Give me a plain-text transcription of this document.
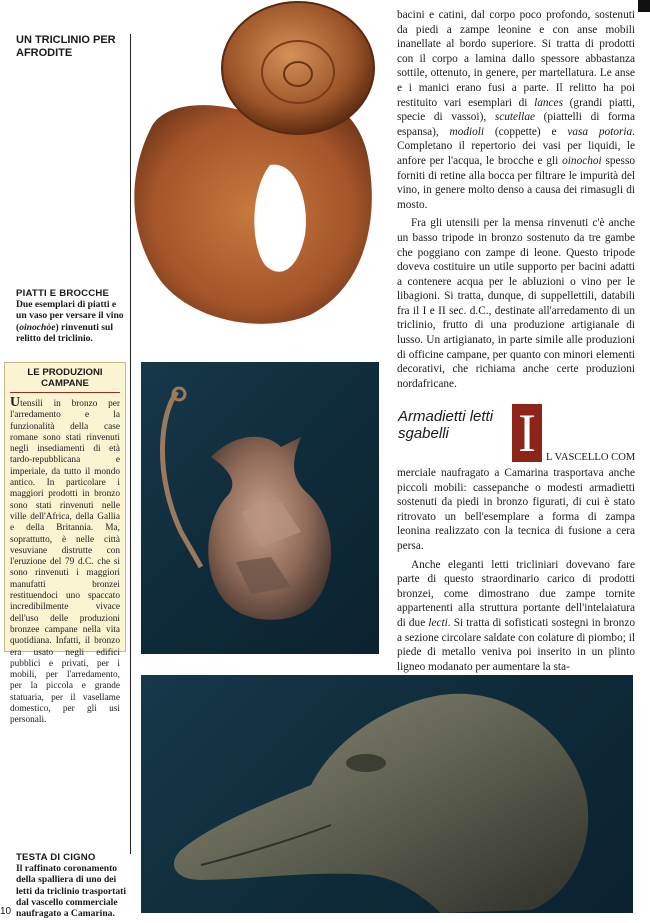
UN TRICLINIO PER AFRODITE
PIATTI E BROCCHE
Due esemplari di piatti e un vaso per versare il vino (oinochòe) rinvenuti sul relitto del triclinio.
LE PRODUZIONI CAMPANE
Utensili in bronzo per l'arredamento e la funzionalità della case romane sono stati rinvenuti negli insediamenti di età tardo-repubblicana e imperiale, da tutto il mondo antico. In particolare i maggiori prodotti in bronzo sono stati rinvenuti nelle ville dell'Africa, della Gallia e della Britannia. Ma, soprattutto, è nelle città vesuviane distrutte con l'eruzione del 79 d.C. che si sono rinvenuti i maggiori manufatti bronzei restituendoci uno spaccato incredibilmente vivace dell'uso delle produzioni bronzee campane nella vita quotidiana. Infatti, il bronzo era usato negli edifici pubblici e privati, per i mobili, per l'arredamento, per la piccola e grande statuaria, per il vasellame domestico, per gli usi personali.
TESTA DI CIGNO
Il raffinato coronamento della spalliera di uno dei letti da triclinio trasportati dal vascello commerciale naufragato a Camarina.
10

bacini e catini, dal corpo poco profondo, sostenuti da piedi a zampe leonine e con anse mobili inanellate al bordo superiore. Si tratta di prodotti con il corpo a lamina dallo spessore abbastanza sottile, ottenuto, in genere, per martellatura. Le anse e i manici erano fusi a parte. Il relitto ha poi restituito vari esemplari di lances (grandi piatti, specie di vassoi), scutellae (piattelli di forma espansa), modioli (coppette) e vasa potoria. Completano il repertorio dei vasi per liquidi, le anfore per l'acqua, le brocche e gli oinochoi spesso forniti di retine alla bocca per filtrare le impurità del vino, in genere molto denso a causa dei rimasugli di mosto.

Fra gli utensili per la mensa rinvenuti c'è anche un basso tripode in bronzo sostenuto da tre gambe che poggiano con zampe di leone. Questo tripode doveva costituire un utile supporto per bacini adatti a contenere acqua per le abluzioni o vino per le libagioni. Si tratta, dunque, di suppellettili, databili fra il I e II sec. d.C., destinate all'arredamento di un triclinio, frutto di una produzione artigianale di lusso. Un artigianato, in parte simile alle produzioni di officine campane, per quanto con minori elementi decorativi, che richiama anche certe produzioni nordafricane.

Armadietti letti sgabelli	I L VASCELLO COM

merciale naufragato a Camarina trasportava anche piccoli mobili: cassepanche o modesti armadietti sostenuti da piedi in bronzo figurati, di cui è stato ritrovato un bell'esemplare a forma di zampa leonina realizzato con la tecnica di fusione a cera persa.

Anche eleganti letti tricliniari dovevano fare parte di questo straordinario carico di prodotti bronzei, come dimostrano due zampe tornite appartenenti alla struttura portante dell'intelaiatura di due lecti. Si tratta di sofisticati sostegni in bronzo a sezione circolare saldate con colature di piombo; il piede di metallo veniva poi inserito in un plinto ligneo modanato per aumentare la sta-
